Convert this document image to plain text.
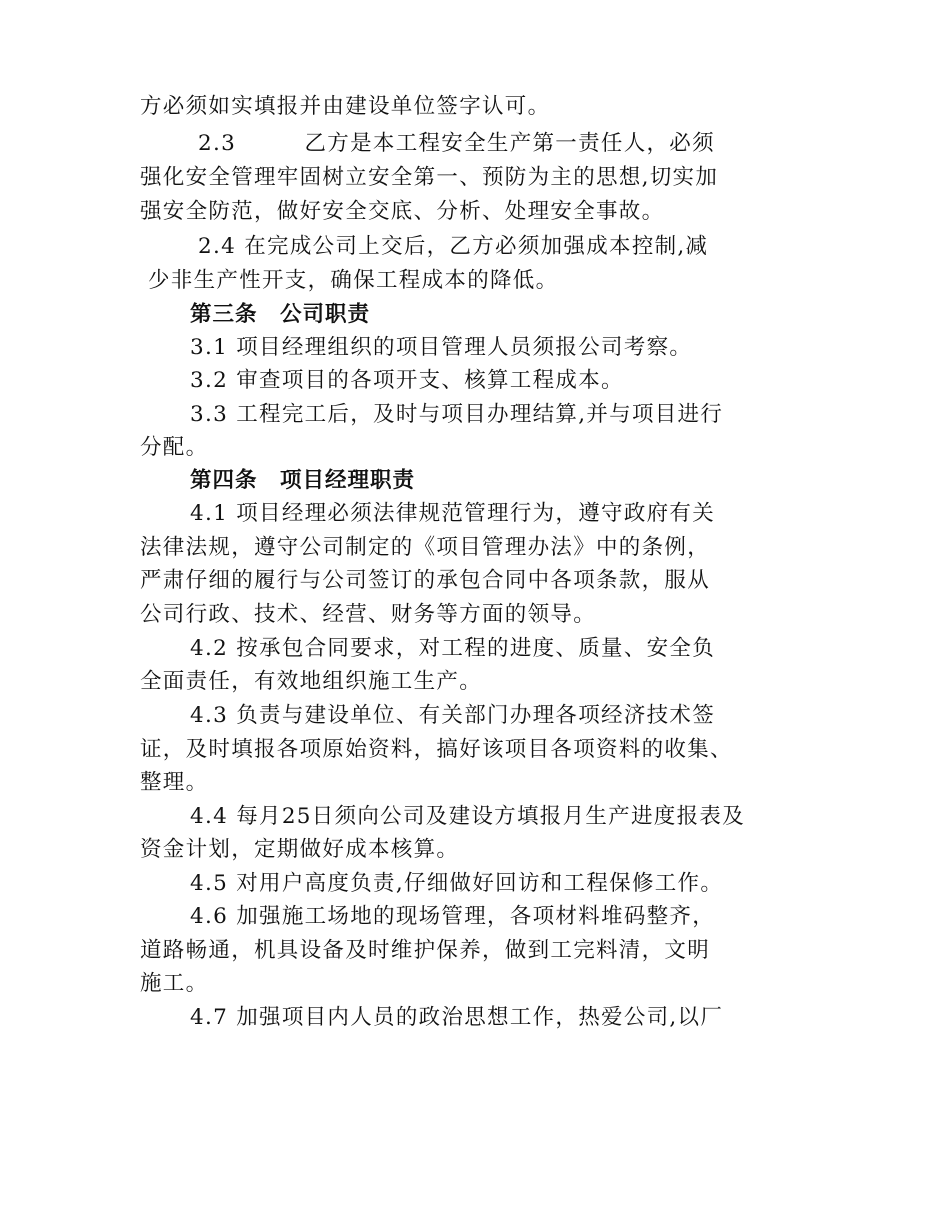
方必须如实填报并由建设单位签字认可。
2.3　　　乙方是本工程安全生产第一责任人，必须
强化安全管理牢固树立安全第一、预防为主的思想,切实加
强安全防范，做好安全交底、分析、处理安全事故。
2.4 在完成公司上交后，乙方必须加强成本控制,减
少非生产性开支，确保工程成本的降低。
第三条　公司职责
3.1 项目经理组织的项目管理人员须报公司考察。
3.2 审查项目的各项开支、核算工程成本。
3.3 工程完工后，及时与项目办理结算,并与项目进行
分配。
第四条　项目经理职责
4.1 项目经理必须法律规范管理行为，遵守政府有关
法律法规，遵守公司制定的《项目管理办法》中的条例，
严肃仔细的履行与公司签订的承包合同中各项条款，服从
公司行政、技术、经营、财务等方面的领导。
4.2 按承包合同要求，对工程的进度、质量、安全负
全面责任，有效地组织施工生产。
4.3 负责与建设单位、有关部门办理各项经济技术签
证，及时填报各项原始资料，搞好该项目各项资料的收集、
整理。
4.4 每月25日须向公司及建设方填报月生产进度报表及
资金计划，定期做好成本核算。
4.5 对用户高度负责,仔细做好回访和工程保修工作。
4.6 加强施工场地的现场管理，各项材料堆码整齐，
道路畅通，机具设备及时维护保养，做到工完料清，文明
施工。
4.7 加强项目内人员的政治思想工作，热爱公司,以厂
